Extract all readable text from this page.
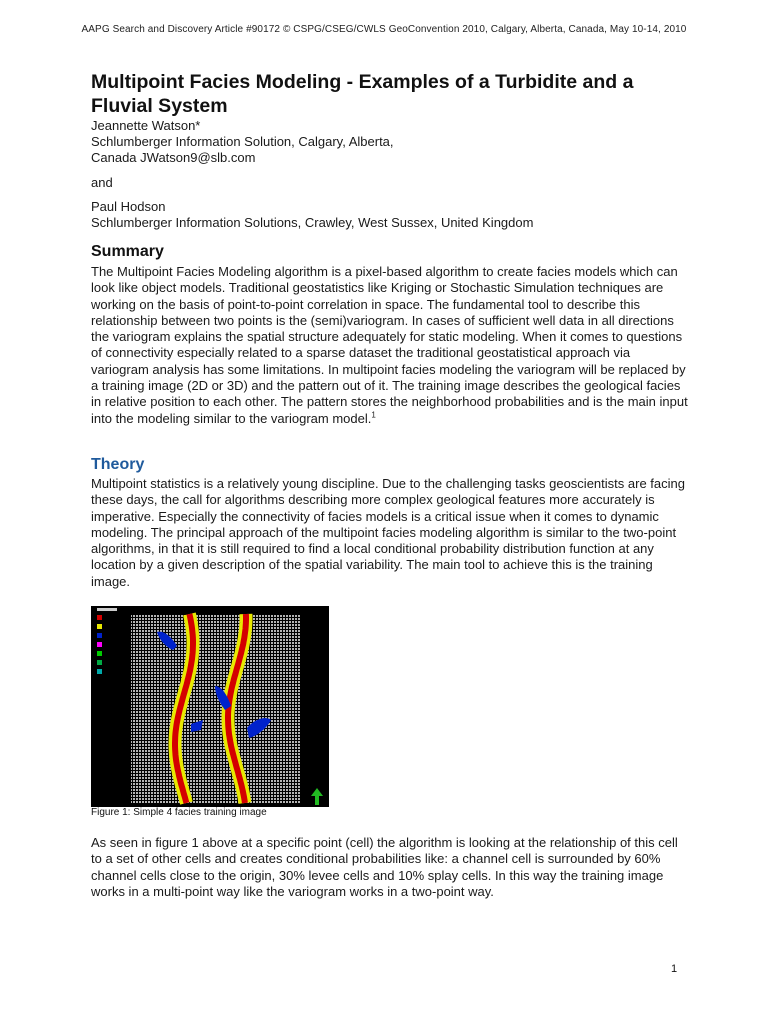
AAPG Search and Discovery Article #90172 © CSPG/CSEG/CWLS GeoConvention 2010, Calgary, Alberta, Canada, May 10-14, 2010
Multipoint Facies Modeling - Examples of a Turbidite and a Fluvial System
Jeannette Watson*
Schlumberger Information Solution, Calgary, Alberta,
Canada JWatson9@slb.com
and
Paul Hodson
Schlumberger Information Solutions, Crawley, West Sussex, United Kingdom
Summary
The Multipoint Facies Modeling algorithm is a pixel-based algorithm to create facies models which can look like object models. Traditional geostatistics like Kriging or Stochastic Simulation techniques are working on the basis of point-to-point correlation in space. The fundamental tool to describe this relationship between two points is the (semi)variogram. In cases of sufficient well data in all directions the variogram explains the spatial structure adequately for static modeling. When it comes to questions of connectivity especially related to a sparse dataset the traditional geostatistical approach via variogram analysis has some limitations. In multipoint facies modeling the variogram will be replaced by a training image (2D or 3D) and the pattern out of it. The training image describes the geological facies in relative position to each other. The pattern stores the neighborhood probabilities and is the main input into the modeling similar to the variogram model.$^1$
Theory
Multipoint statistics is a relatively young discipline. Due to the challenging tasks geoscientists are facing these days, the call for algorithms describing more complex geological features more accurately is imperative. Especially the connectivity of facies models is a critical issue when it comes to dynamic modeling. The principal approach of the multipoint facies modeling algorithm is similar to the two-point algorithms, in that it is still required to find a local conditional probability distribution function at any location by a given description of the spatial variability. The main tool to achieve this is the training image.
Figure 1: Simple 4 facies training image
As seen in figure 1 above at a specific point (cell) the algorithm is looking at the relationship of this cell to a set of other cells and creates conditional probabilities like: a channel cell is surrounded by 60% channel cells close to the origin, 30% levee cells and 10% splay cells. In this way the training image works in a multi-point way like the variogram works in a two-point way.
1
